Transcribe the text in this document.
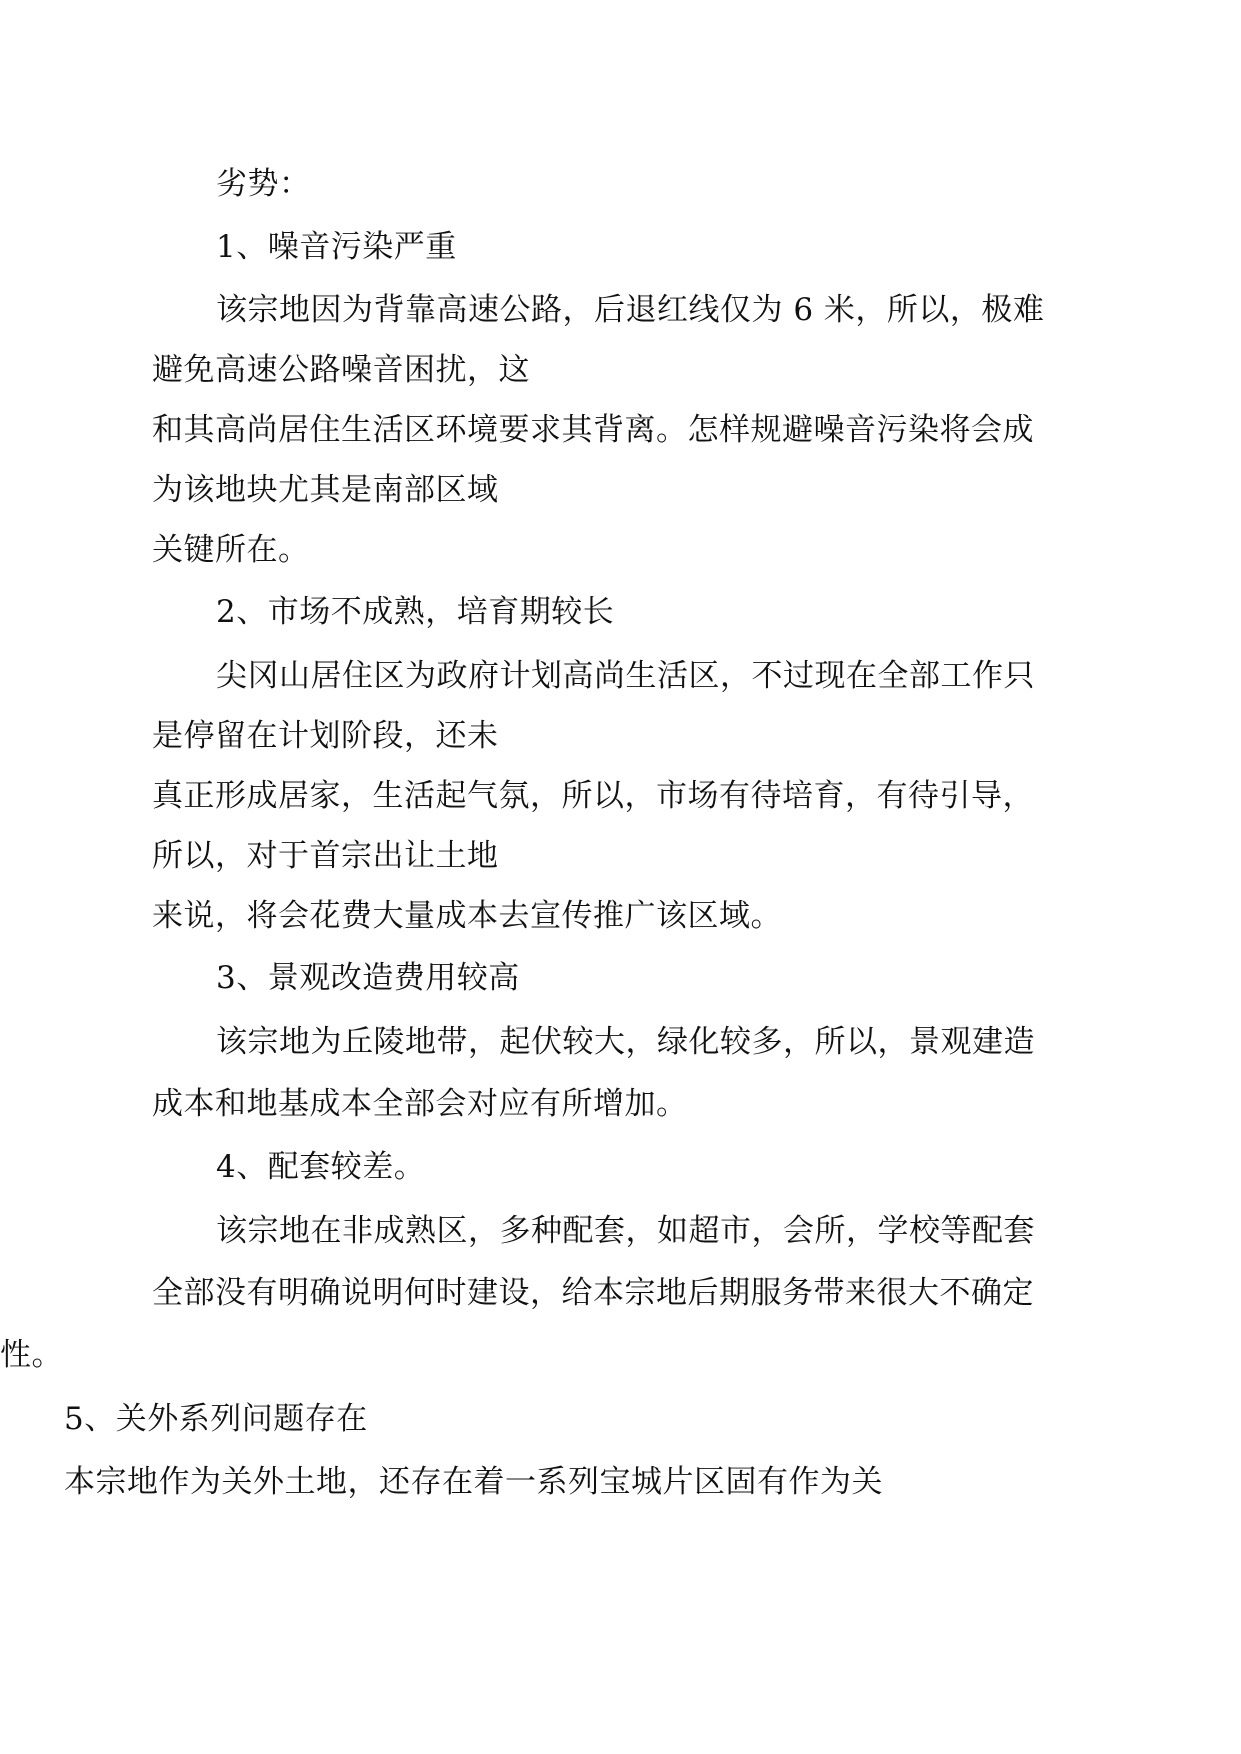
劣势：
1、噪音污染严重
该宗地因为背靠高速公路，后退红线仅为 6 米，所以，极难
避免高速公路噪音困扰，这
和其高尚居住生活区环境要求其背离。怎样规避噪音污染将会成
为该地块尤其是南部区域
关键所在。
2、市场不成熟，培育期较长
尖冈山居住区为政府计划高尚生活区，不过现在全部工作只
是停留在计划阶段，还未
真正形成居家，生活起气氛，所以，市场有待培育，有待引导，
所以，对于首宗出让土地
来说，将会花费大量成本去宣传推广该区域。
3、景观改造费用较高
该宗地为丘陵地带，起伏较大，绿化较多，所以，景观建造
成本和地基成本全部会对应有所增加。
4、配套较差。
该宗地在非成熟区，多种配套，如超市，会所，学校等配套
全部没有明确说明何时建设，给本宗地后期服务带来很大不确定
性。
5、关外系列问题存在
本宗地作为关外土地，还存在着一系列宝城片区固有作为关
